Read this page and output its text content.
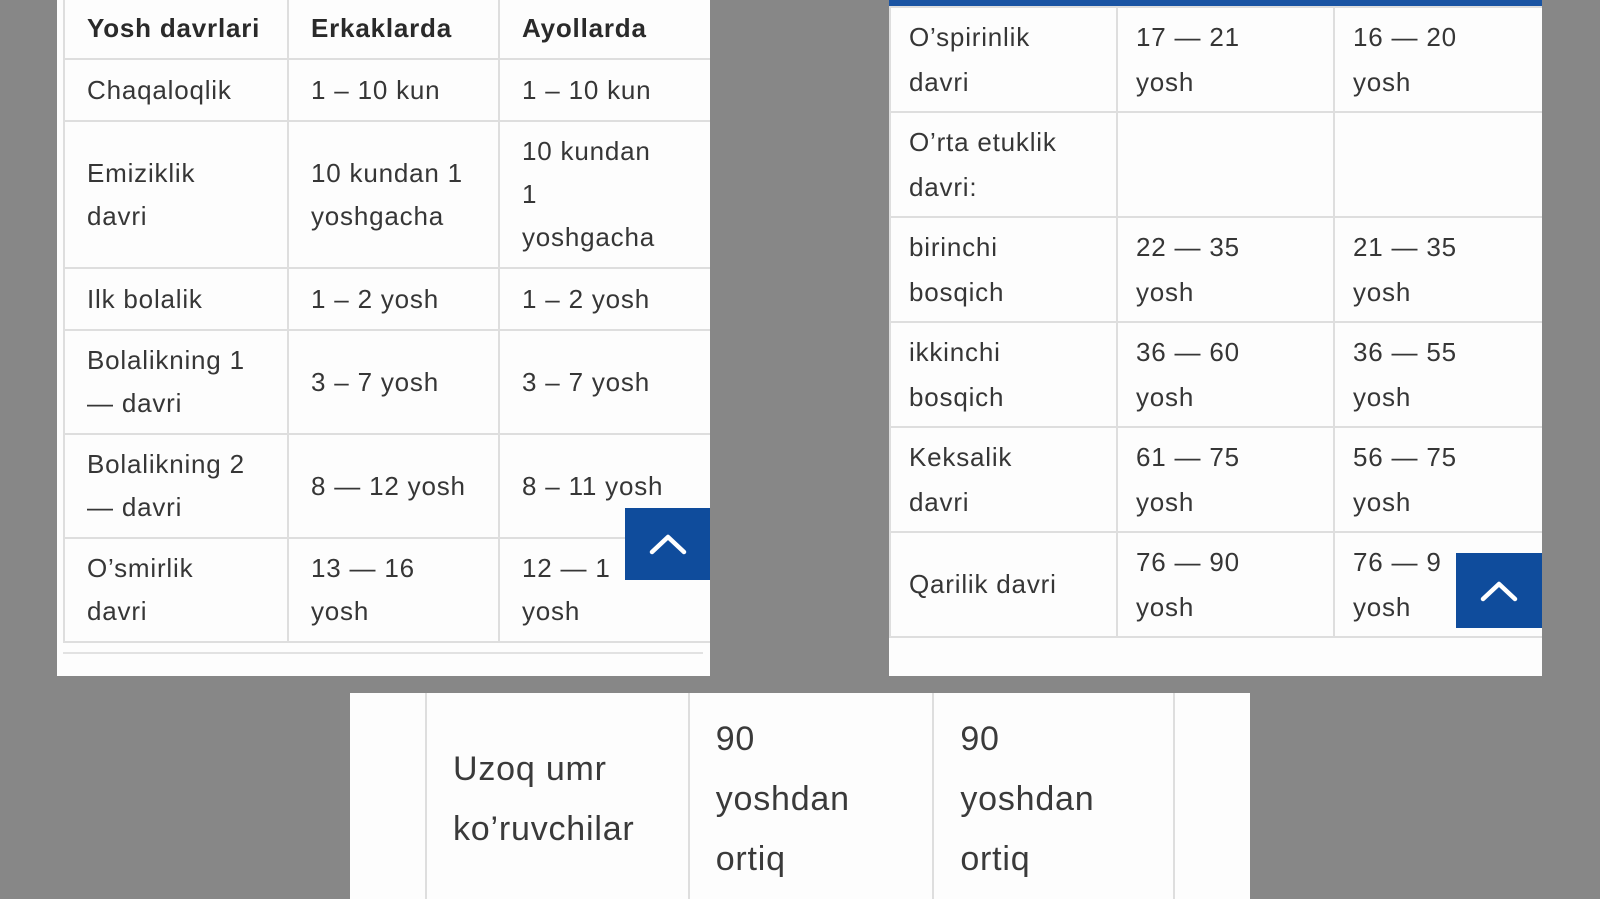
Yosh davrlari	Erkaklarda	Ayollarda
Chaqaloqlik	1 – 10 kun	1 – 10 kun
Emiziklik davri	10 kundan 1 yoshgacha	10 kundan 1 yoshgacha
Ilk bolalik	1 – 2 yosh	1 – 2 yosh
Bolalikning 1 — davri	3 – 7 yosh	3 – 7 yosh
Bolalikning 2 — davri	8 — 12 yosh	8 – 11 yosh
O’smirlik davri	13 — 16 yosh	12 — 1 yosh
O’spirinlik davri	17 — 21 yosh	16 — 20 yosh
O’rta etuklik davri:		
birinchi bosqich	22 — 35 yosh	21 — 35 yosh
ikkinchi bosqich	36 — 60 yosh	36 — 55 yosh
Keksalik davri	61 — 75 yosh	56 — 75 yosh
Qarilik davri	76 — 90 yosh	76 — 9 yosh
Uzoq umr ko’ruvchilar	90 yoshdan ortiq	90 yoshdan ortiq
